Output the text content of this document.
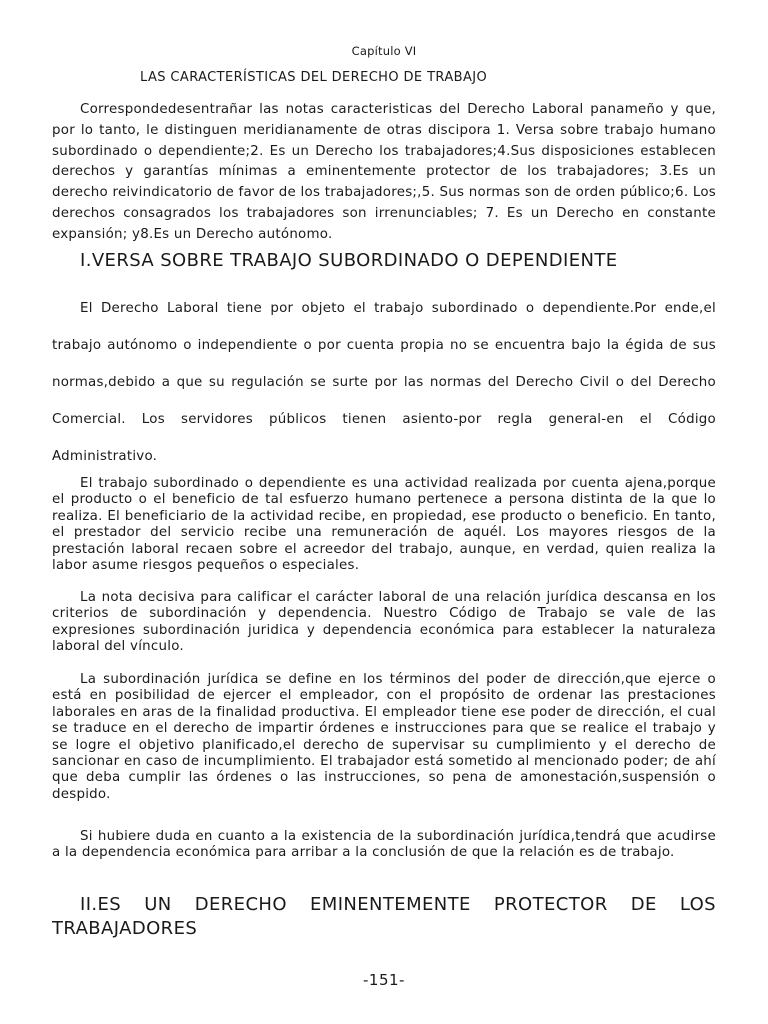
Capítulo VI
LAS CARACTERÍSTICAS DEL DERECHO DE TRABAJO

Correspondedesentrañar las notas caracteristicas del Derecho Laboral panameño y que, por lo tanto, le distinguen meridianamente de otras discipora 1. Versa sobre trabajo humano subordinado o dependiente;2. Es un Derecho los trabajadores;4.Sus disposiciones establecen derechos y garantías mínimas a eminentemente protector de los trabajadores; 3.Es un derecho reivindicatorio de favor de los trabajadores;,5. Sus normas son de orden público;6. Los derechos consagrados los trabajadores son irrenunciables; 7. Es un Derecho en constante expansión; y8.Es un Derecho autónomo.

I.VERSA SOBRE TRABAJO SUBORDINADO O DEPENDIENTE

El Derecho Laboral tiene por objeto el trabajo subordinado o dependiente.Por ende,el trabajo autónomo o independiente o por cuenta propia no se encuentra bajo la égida de sus normas,debido a que su regulación se surte por las normas del Derecho Civil o del Derecho Comercial. Los servidores públicos tienen asiento-por regla general-en el Código Administrativo.

El trabajo subordinado o dependiente es una actividad realizada por cuenta ajena,porque el producto o el beneficio de tal esfuerzo humano pertenece a persona distinta de la que lo realiza. El beneficiario de la actividad recibe, en propiedad, ese producto o beneficio. En tanto, el prestador del servicio recibe una remuneración de aquél. Los mayores riesgos de la prestación laboral recaen sobre el acreedor del trabajo, aunque, en verdad, quien realiza la labor asume riesgos pequeños o especiales.

La nota decisiva para calificar el carácter laboral de una relación jurídica descansa en los criterios de subordinación y dependencia. Nuestro Código de Trabajo se vale de las expresiones subordinación juridica y dependencia económica para establecer la naturaleza laboral del vínculo.

La subordinación jurídica se define en los términos del poder de dirección,que ejerce o está en posibilidad de ejercer el empleador, con el propósito de ordenar las prestaciones laborales en aras de la finalidad productiva. El empleador tiene ese poder de dirección, el cual se traduce en el derecho de impartir órdenes e instrucciones para que se realice el trabajo y se logre el objetivo planificado,el derecho de supervisar su cumplimiento y el derecho de sancionar en caso de incumplimiento. El trabajador está sometido al mencionado poder; de ahí que deba cumplir las órdenes o las instrucciones, so pena de amonestación,suspensión o despido.

Si hubiere duda en cuanto a la existencia de la subordinación jurídica,tendrá que acudirse a la dependencia económica para arribar a la conclusión de que la relación es de trabajo.

II.ES UN DERECHO EMINENTEMENTE PROTECTOR DE LOS TRABAJADORES
-151-
